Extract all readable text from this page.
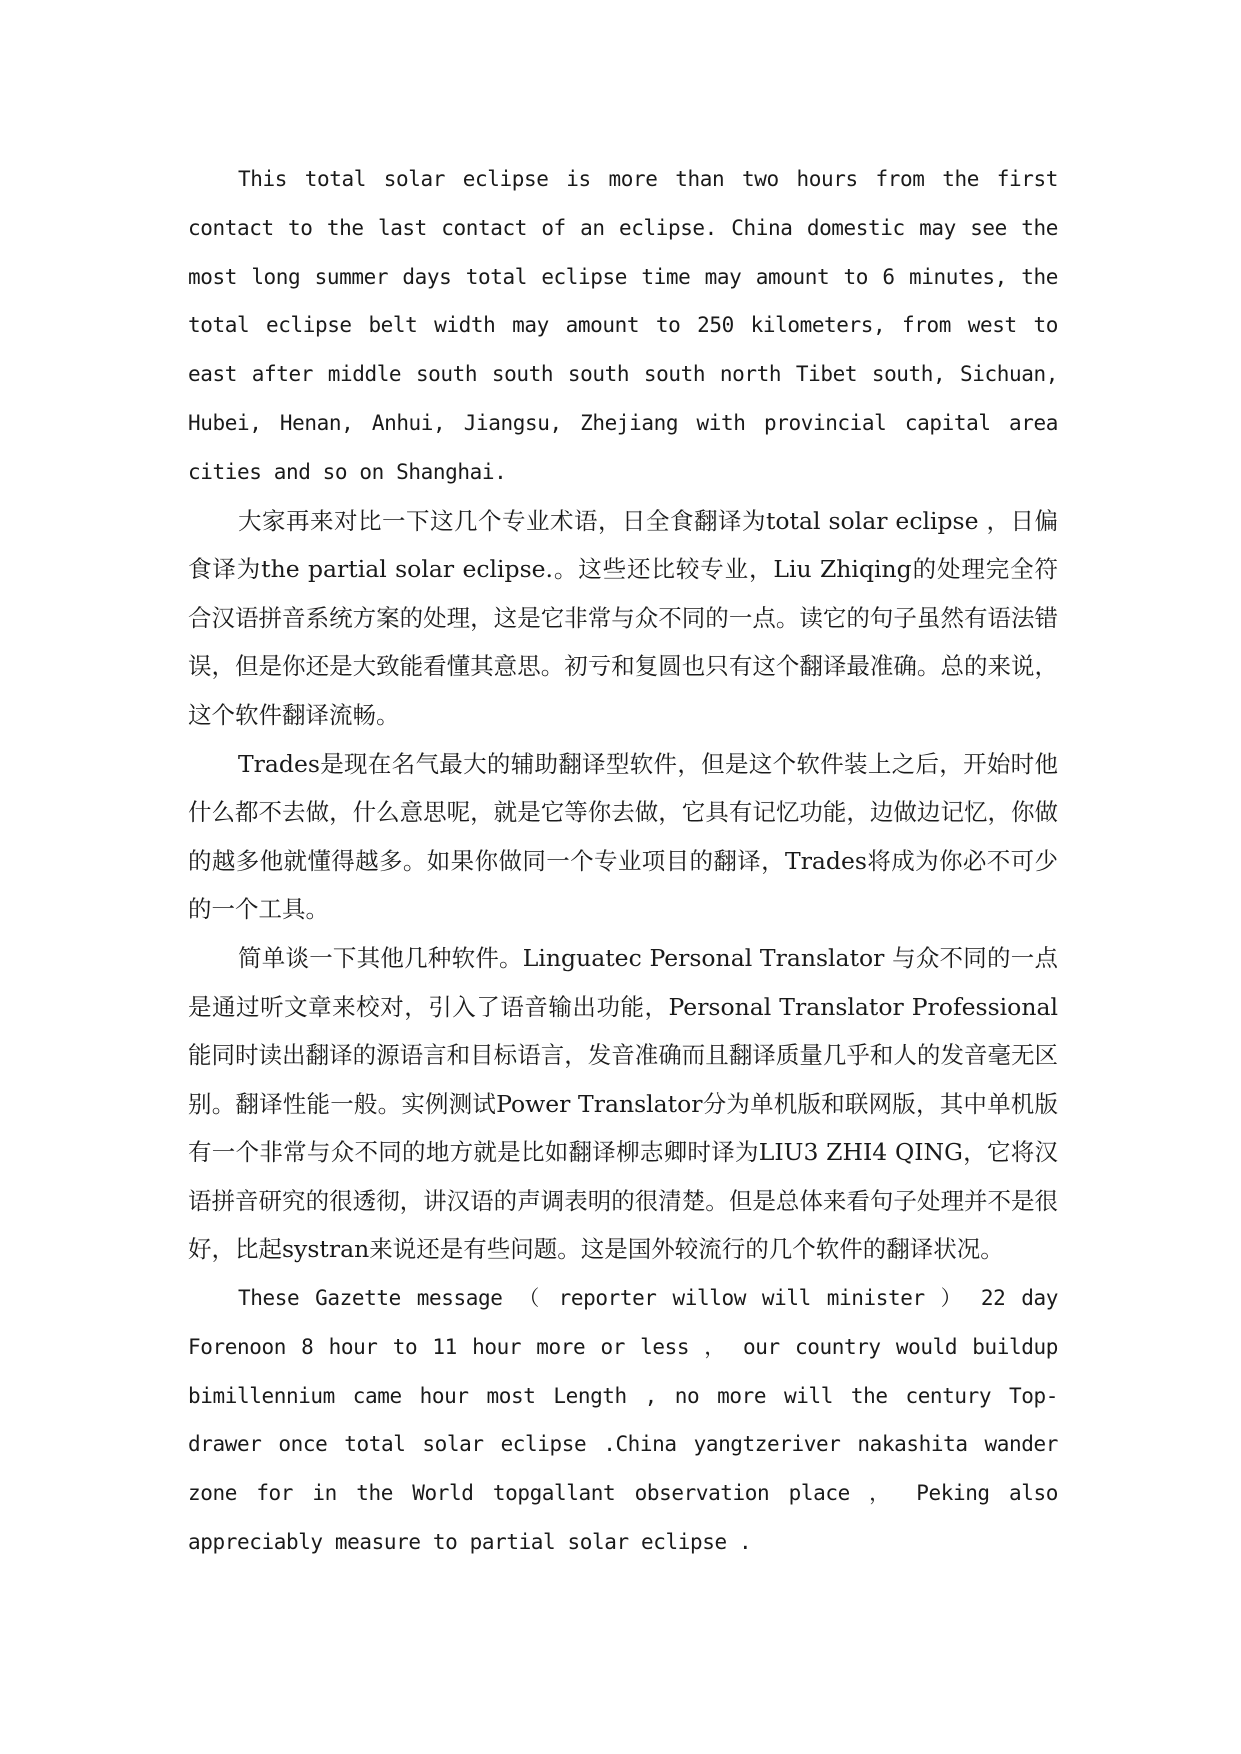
This total solar eclipse is more than two hours from the first contact to the last contact of an eclipse. China domestic may see the most long summer days total eclipse time may amount to 6 minutes, the total eclipse belt width may amount to 250 kilometers, from west to east after middle south south south south north Tibet south, Sichuan, Hubei, Henan, Anhui, Jiangsu, Zhejiang with provincial capital area cities and so on Shanghai.

大家再来对比一下这几个专业术语，日全食翻译为total solar eclipse ，日偏食译为the partial solar eclipse.。这些还比较专业，Liu Zhiqing的处理完全符合汉语拼音系统方案的处理，这是它非常与众不同的一点。读它的句子虽然有语法错误，但是你还是大致能看懂其意思。初亏和复圆也只有这个翻译最准确。总的来说，这个软件翻译流畅。

Trades是现在名气最大的辅助翻译型软件，但是这个软件装上之后，开始时他什么都不去做，什么意思呢，就是它等你去做，它具有记忆功能，边做边记忆，你做的越多他就懂得越多。如果你做同一个专业项目的翻译，Trades将成为你必不可少的一个工具。

简单谈一下其他几种软件。Linguatec Personal Translator 与众不同的一点是通过听文章来校对，引入了语音输出功能，Personal Translator Professional 能同时读出翻译的源语言和目标语言，发音准确而且翻译质量几乎和人的发音毫无区别。翻译性能一般。实例测试Power Translator分为单机版和联网版，其中单机版有一个非常与众不同的地方就是比如翻译柳志卿时译为LIU3 ZHI4 QING，它将汉语拼音研究的很透彻，讲汉语的声调表明的很清楚。但是总体来看句子处理并不是很好，比起systran来说还是有些问题。这是国外较流行的几个软件的翻译状况。

These Gazette message （ reporter willow will minister ） 22 day Forenoon 8 hour to 11 hour more or less ， our country would buildup bimillennium came hour most Length , no more will the century Top-drawer once total solar eclipse .China yangtzeriver nakashita wander zone for in the World topgallant observation place ， Peking also appreciably measure to partial solar eclipse .
